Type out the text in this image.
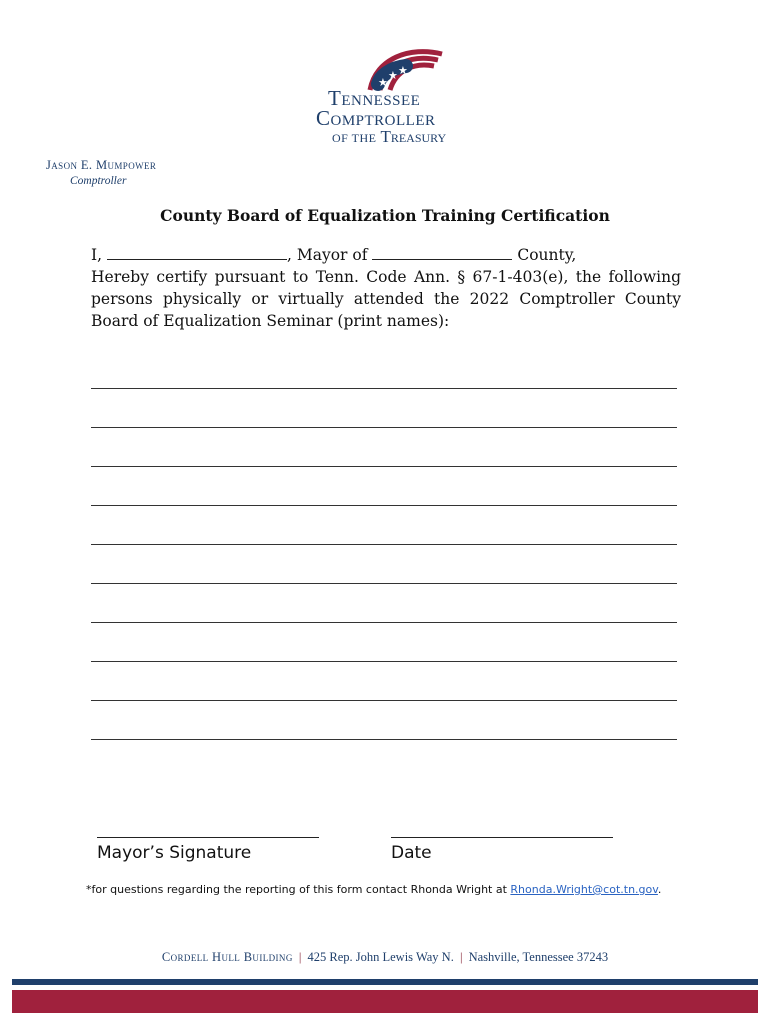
★
★ ★
Tennessee
Comptroller
OF THE Treasury
Jason E. Mumpower
Comptroller
County Board of Equalization Training Certification
I,	, Mayor of	County,
Hereby certify pursuant to Tenn. Code Ann. § 67-1-403(e), the following persons physically or virtually attended the 2022 Comptroller County Board of Equalization Seminar (print names):
Mayor’s Signature	Date
*for questions regarding the reporting of this form contact Rhonda Wright at Rhonda.Wright@cot.tn.gov.
Cordell Hull Building | 425 Rep. John Lewis Way N. | Nashville, Tennessee 37243
